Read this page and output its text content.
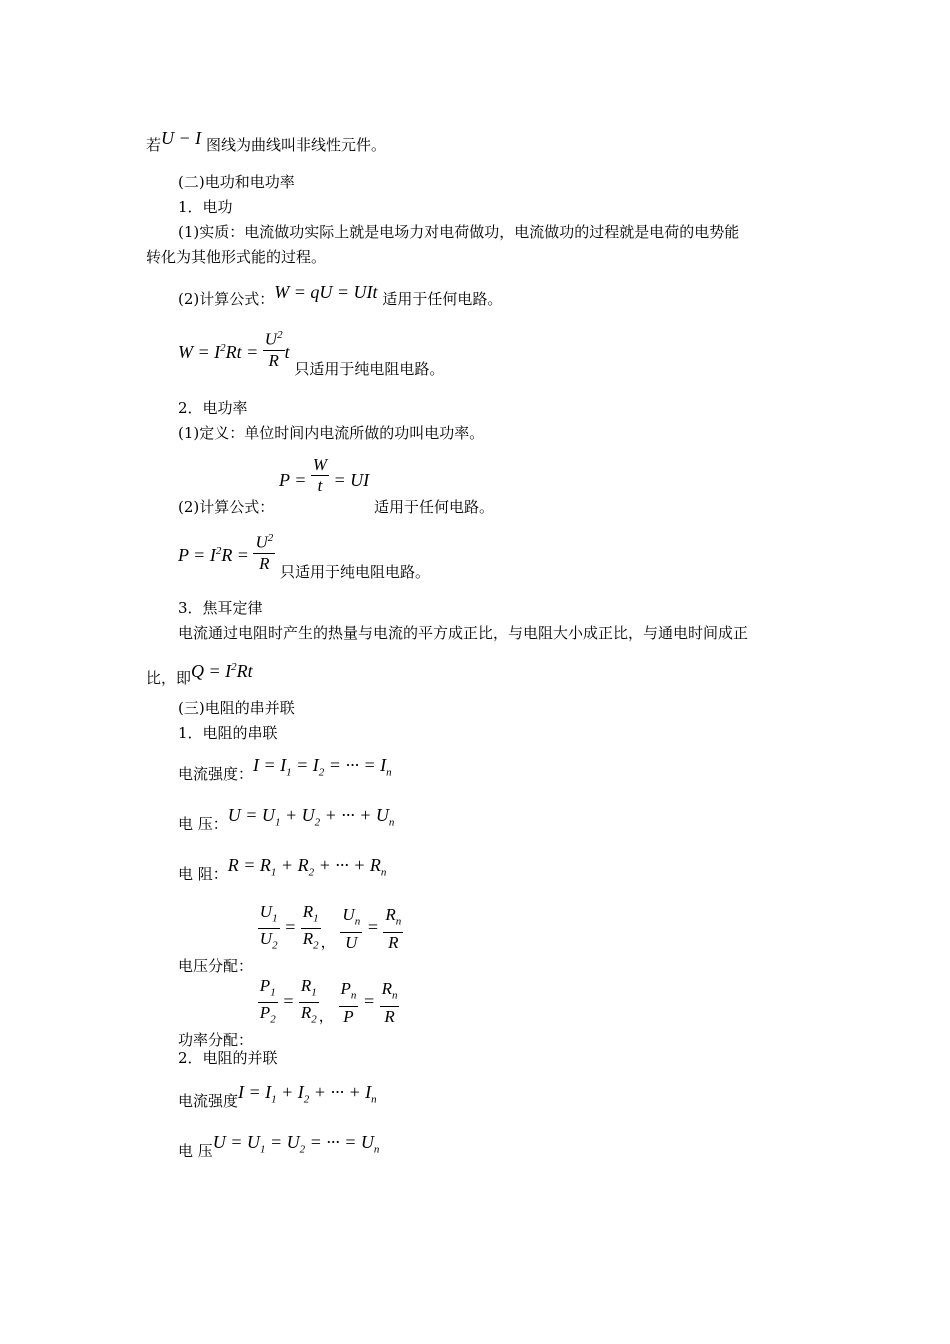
若U − I 图线为曲线叫非线性元件。
(二)电功和电功率
1．电功
(1)实质：电流做功实际上就是电场力对电荷做功，电流做功的过程就是电荷的电势能
转化为其他形式能的过程。
(2)计算公式：W = qU = UIt 适用于任何电路。
$W = I^2Rt = \frac{U^2}{R}$ t 只适用于纯电阻电路。
2．电功率
(1)定义：单位时间内电流所做的功叫电功率。
(2)计算公式： $P = \frac{W}{t}$ = UI 适用于任何电路。
$P = I^2R = \frac{U^2}{R}$ 只适用于纯电阻电路。
3．焦耳定律
电流通过电阻时产生的热量与电流的平方成正比，与电阻大小成正比，与通电时间成正
比，即$Q = I^2Rt$
(三)电阻的串并联
1．电阻的串联
电流强度：$I = I_1 = I_2$ = ··· = $I_n$
电 压：$U = U_1 + U_2$ + ··· + $U_n$
电 阻：$R = R_1 + R_2$ + ··· + $R_n$
电压分配：
$\frac{U_1}{U_2} = \frac{R_1}{R_2}$ ， $\frac{U_n}{U} = \frac{R_n}{R}$
功率分配：
$\frac{P_1}{P_2} = \frac{R_1}{R_2}$ ， $\frac{P_n}{P} = \frac{R_n}{R}$
2．电阻的并联
电流强度$I = I_1 + I_2$ + ··· + $I_n$
电 压$U = U_1 = U_2$ = ··· = $U_n$
